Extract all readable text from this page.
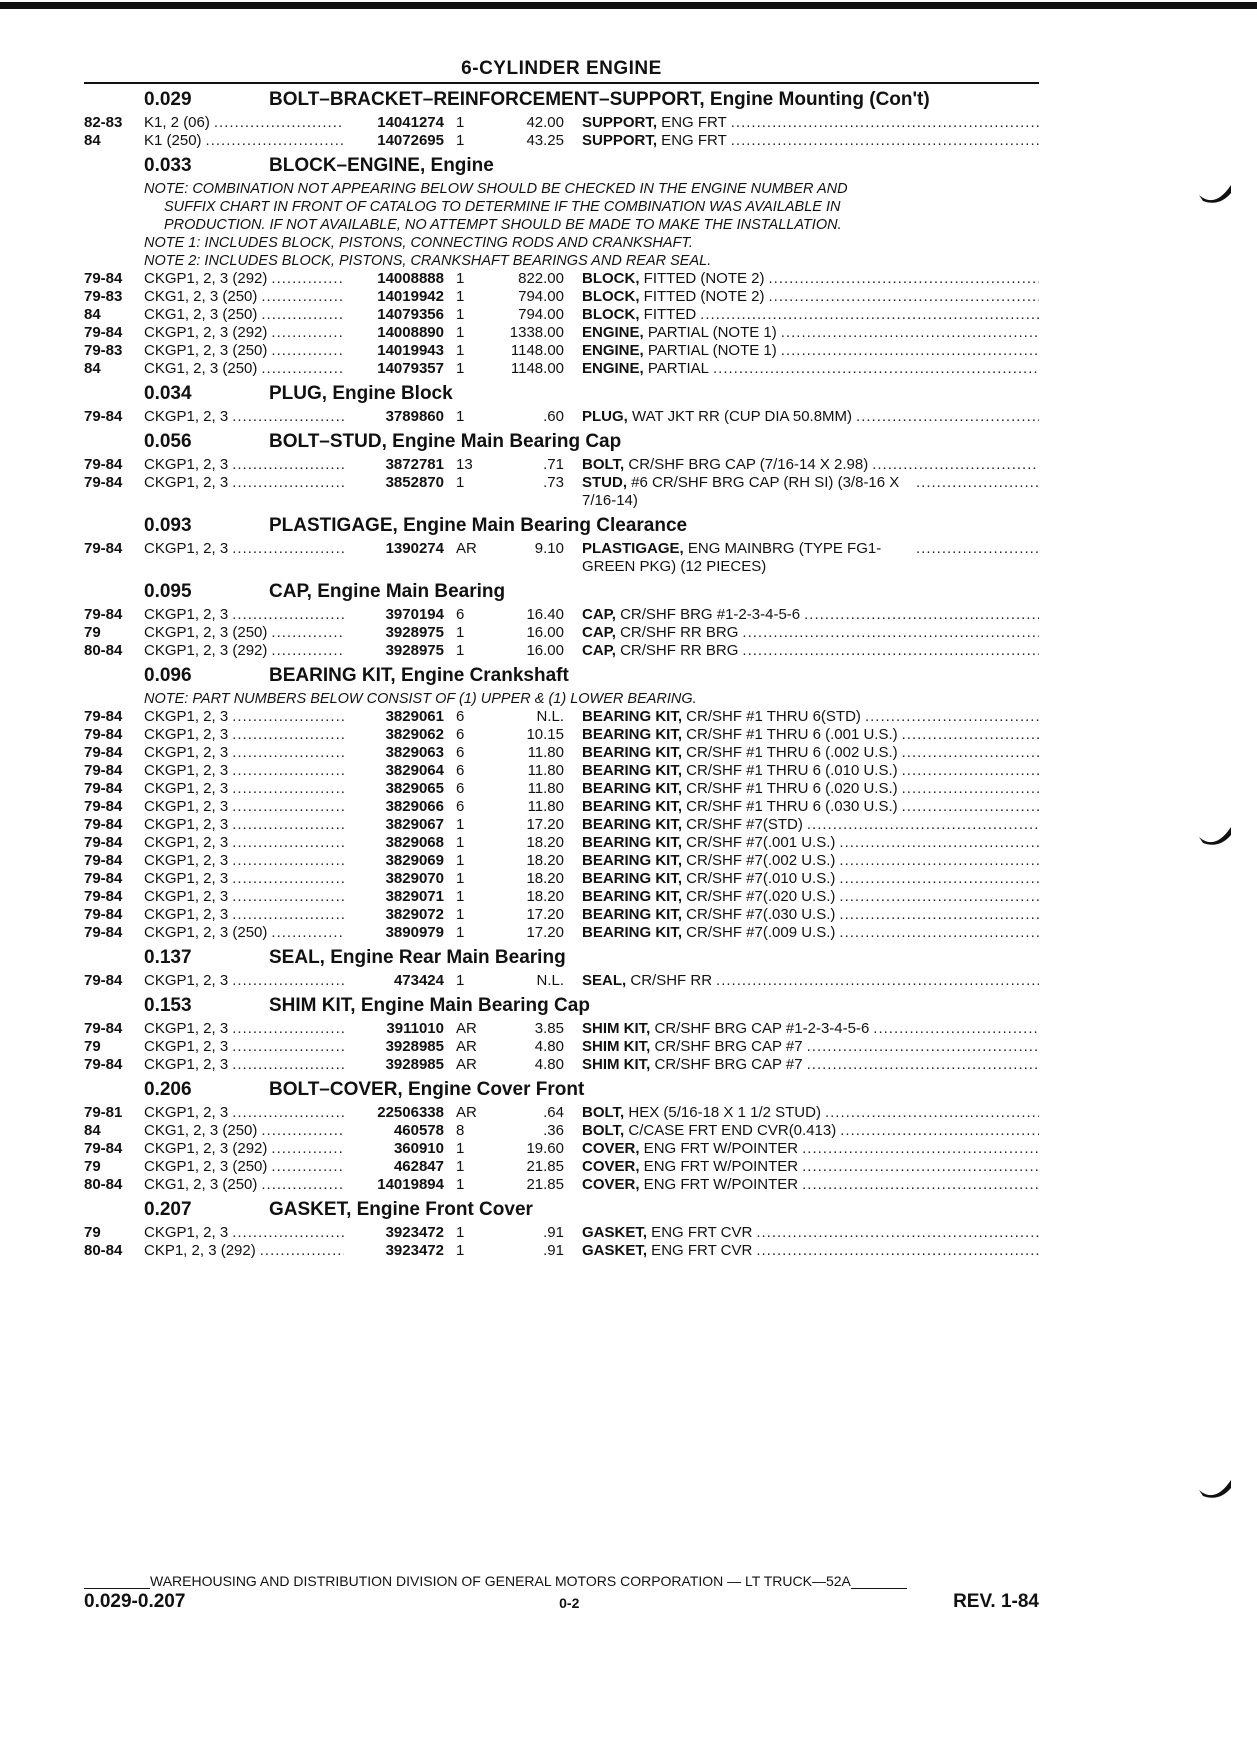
6-CYLINDER ENGINE
0.029	BOLT–BRACKET–REINFORCEMENT–SUPPORT, Engine Mounting (Con't)
82-83	K1, 2 (06) .....	14041274 1	42.00 SUPPORT, ENG FRT
.....
84	K1 (250) .....	14072695 1	43.25 SUPPORT, ENG FRT
.....
0.033	BLOCK–ENGINE, Engine
NOTE: COMBINATION NOT APPEARING BELOW SHOULD BE CHECKED IN THE ENGINE NUMBER AND
SUFFIX CHART IN FRONT OF CATALOG TO DETERMINE IF THE COMBINATION WAS AVAILABLE IN
PRODUCTION. IF NOT AVAILABLE, NO ATTEMPT SHOULD BE MADE TO MAKE THE INSTALLATION.
NOTE 1: INCLUDES BLOCK, PISTONS, CONNECTING RODS AND CRANKSHAFT.
NOTE 2: INCLUDES BLOCK, PISTONS, CRANKSHAFT BEARINGS AND REAR SEAL.
79-84	CKGP1, 2, 3 (292) .....	14008888 1	822.00 BLOCK, FITTED (NOTE 2)
.....
79-83	CKG1, 2, 3 (250) .....	14019942 1	794.00 BLOCK, FITTED (NOTE 2)
.....
84	CKG1, 2, 3 (250) .....	14079356 1	794.00 BLOCK, FITTED
.....
79-84	CKGP1, 2, 3 (292) .....	14008890 1	1338.00 ENGINE, PARTIAL (NOTE 1)
.....
79-83	CKGP1, 2, 3 (250) .....	14019943 1	1148.00 ENGINE, PARTIAL (NOTE 1)
.....
84	CKG1, 2, 3 (250) .....	14079357 1	1148.00 ENGINE, PARTIAL
.....
0.034	PLUG, Engine Block
79-84	CKGP1, 2, 3 .....	3789860 1	.60 PLUG, WAT JKT RR (CUP DIA 50.8MM)
.....
0.056	BOLT–STUD, Engine Main Bearing Cap
79-84	CKGP1, 2, 3 .....	3872781 13	.71 BOLT, CR/SHF BRG CAP (7/16-14 X 2.98)
.....
79-84	CKGP1, 2, 3 .....	3852870 1	.73 STUD, #6 CR/SHF BRG CAP (RH SI) (3/8-16 X 7/16-14)
.....
0.093	PLASTIGAGE, Engine Main Bearing Clearance
79-84	CKGP1, 2, 3 .....	1390274 AR	9.10 PLASTIGAGE, ENG MAINBRG (TYPE FG1-GREEN PKG) (12 PIECES)
.....
0.095	CAP, Engine Main Bearing
79-84	CKGP1, 2, 3 .....	3970194 6	16.40 CAP, CR/SHF BRG #1-2-3-4-5-6
.....
79	CKGP1, 2, 3 (250) .....	3928975 1	16.00 CAP, CR/SHF RR BRG
.....
80-84	CKGP1, 2, 3 (292) .....	3928975 1	16.00 CAP, CR/SHF RR BRG
.....
0.096	BEARING KIT, Engine Crankshaft
NOTE: PART NUMBERS BELOW CONSIST OF (1) UPPER & (1) LOWER BEARING.
79-84	CKGP1, 2, 3 .....	3829061 6	N.L. BEARING KIT, CR/SHF #1 THRU 6(STD)
.....
79-84	CKGP1, 2, 3 .....	3829062 6	10.15 BEARING KIT, CR/SHF #1 THRU 6 (.001 U.S.)
.....
79-84	CKGP1, 2, 3 .....	3829063 6	11.80 BEARING KIT, CR/SHF #1 THRU 6 (.002 U.S.)
.....
79-84	CKGP1, 2, 3 .....	3829064 6	11.80 BEARING KIT, CR/SHF #1 THRU 6 (.010 U.S.)
.....
79-84	CKGP1, 2, 3 .....	3829065 6	11.80 BEARING KIT, CR/SHF #1 THRU 6 (.020 U.S.)
.....
79-84	CKGP1, 2, 3 .....	3829066 6	11.80 BEARING KIT, CR/SHF #1 THRU 6 (.030 U.S.)
.....
79-84	CKGP1, 2, 3 .....	3829067 1	17.20 BEARING KIT, CR/SHF #7(STD)
.....
79-84	CKGP1, 2, 3 .....	3829068 1	18.20 BEARING KIT, CR/SHF #7(.001 U.S.)
.....
79-84	CKGP1, 2, 3 .....	3829069 1	18.20 BEARING KIT, CR/SHF #7(.002 U.S.)
.....
79-84	CKGP1, 2, 3 .....	3829070 1	18.20 BEARING KIT, CR/SHF #7(.010 U.S.)
.....
79-84	CKGP1, 2, 3 .....	3829071 1	18.20 BEARING KIT, CR/SHF #7(.020 U.S.)
.....
79-84	CKGP1, 2, 3 .....	3829072 1	17.20 BEARING KIT, CR/SHF #7(.030 U.S.)
.....
79-84	CKGP1, 2, 3 (250) .....	3890979 1	17.20 BEARING KIT, CR/SHF #7(.009 U.S.)
.....
0.137	SEAL, Engine Rear Main Bearing
79-84	CKGP1, 2, 3 .....	473424 1	N.L. SEAL, CR/SHF RR
.....
0.153	SHIM KIT, Engine Main Bearing Cap
79-84	CKGP1, 2, 3 .....	3911010 AR	3.85 SHIM KIT, CR/SHF BRG CAP #1-2-3-4-5-6
.....
79	CKGP1, 2, 3 .....	3928985 AR	4.80 SHIM KIT, CR/SHF BRG CAP #7
.....
79-84	CKGP1, 2, 3 .....	3928985 AR	4.80 SHIM KIT, CR/SHF BRG CAP #7
.....
0.206	BOLT–COVER, Engine Cover Front
79-81	CKGP1, 2, 3 .....	22506338 AR	.64 BOLT, HEX (5/16-18 X 1 1/2 STUD)
.....
84	CKG1, 2, 3 (250) .....	460578 8	.36 BOLT, C/CASE FRT END CVR(0.413)
.....
79-84	CKGP1, 2, 3 (292) .....	360910 1	19.60 COVER, ENG FRT W/POINTER
.....
79	CKGP1, 2, 3 (250) .....	462847 1	21.85 COVER, ENG FRT W/POINTER
.....
80-84	CKG1, 2, 3 (250) .....	14019894 1	21.85 COVER, ENG FRT W/POINTER
.....
0.207	GASKET, Engine Front Cover
79	CKGP1, 2, 3 .....	3923472 1	.91 GASKET, ENG FRT CVR
.....
80-84	CKP1, 2, 3 (292) .....	3923472 1	.91 GASKET, ENG FRT CVR
.....
WAREHOUSING AND DISTRIBUTION DIVISION OF GENERAL MOTORS CORPORATION — LT TRUCK—52A
0.029-0.207	0-2	REV. 1-84
